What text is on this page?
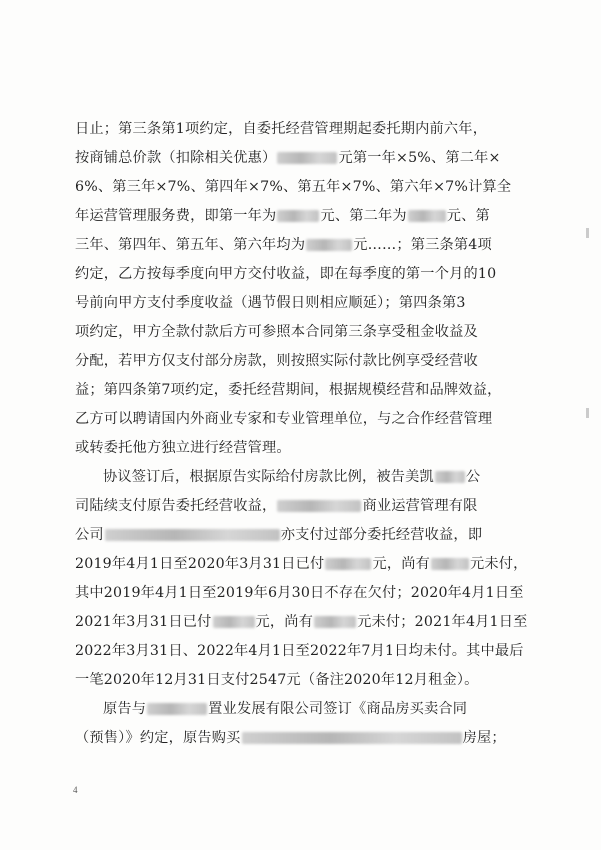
日止；第三条第1项约定，自委托经营管理期起委托期内前六年，
按商铺总价款（扣除相关优惠）	元第一年×5%、第二年×
6%、第三年×7%、第四年×7%、第五年×7%、第六年×7%计算全
年运营管理服务费，即第一年为	元、第二年为	元、第
三年、第四年、第五年、第六年均为	元……；第三条第4项
约定，乙方按每季度向甲方交付收益，即在每季度的第一个月的10
号前向甲方支付季度收益（遇节假日则相应顺延）；第四条第3
项约定，甲方全款付款后方可参照本合同第三条享受租金收益及
分配，若甲方仅支付部分房款，则按照实际付款比例享受经营收
益；第四条第7项约定，委托经营期间，根据规模经营和品牌效益，
乙方可以聘请国内外商业专家和专业管理单位，与之合作经营管理
或转委托他方独立进行经营管理。
协议签订后，根据原告实际给付房款比例，被告美凯 公
司陆续支付原告委托经营收益，	商业运营管理有限
公司	亦支付过部分委托经营收益，即
2019年4月1日至2020年3月31日已付	元，尚有	元未付，
其中2019年4月1日至2019年6月30日不存在欠付；2020年4月1日至
2021年3月31日已付	元，尚有	元未付；2021年4月1日至
2022年3月31日、2022年4月1日至2022年7月1日均未付。其中最后
一笔2020年12月31日支付2547元（备注2020年12月租金）。
原告与	置业发展有限公司签订《商品房买卖合同
（预售）》约定，原告购买	房屋；
4
